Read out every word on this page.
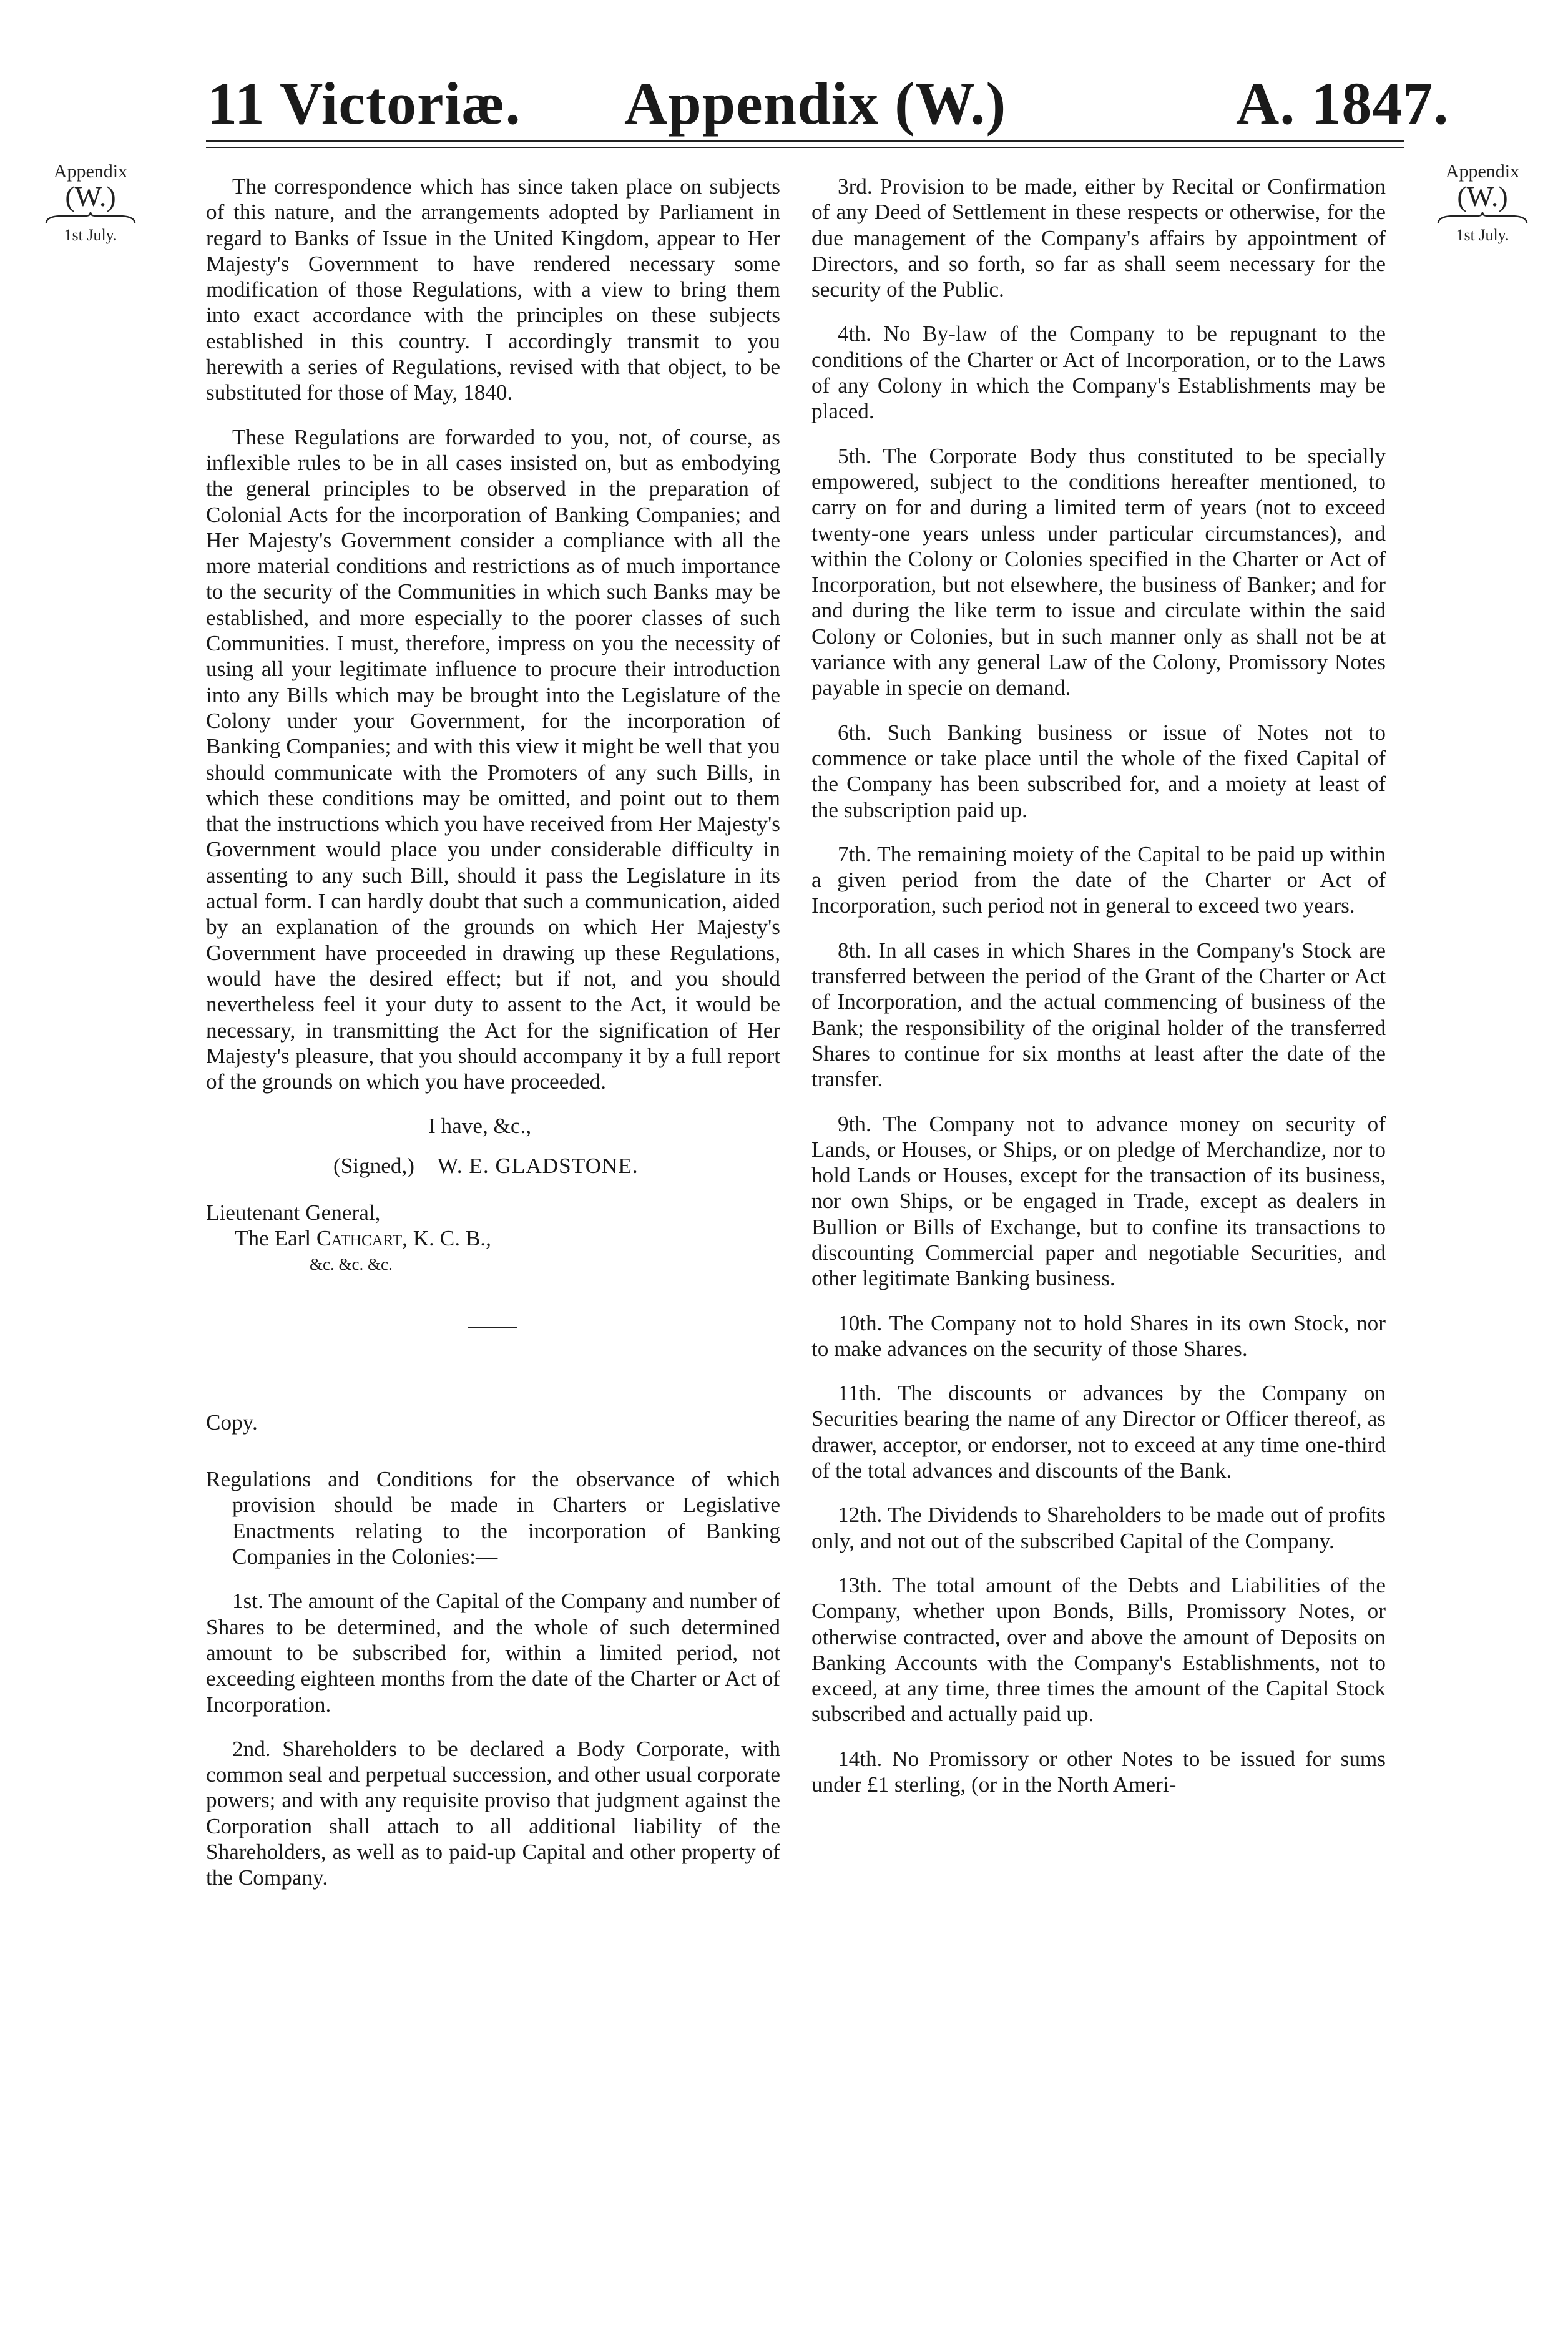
11 Victoriæ. Appendix (W.)	A. 1847.
Appendix
(W.)
1st July.
Appendix
(W.)
1st July.

The correspondence which has since taken place on subjects of this nature, and the arrangements adopted by Parliament in regard to Banks of Issue in the United Kingdom, appear to Her Majesty's Government to have rendered necessary some modification of those Regulations, with a view to bring them into exact accordance with the principles on these subjects established in this country. I accordingly transmit to you herewith a series of Regulations, revised with that object, to be substituted for those of May, 1840.

These Regulations are forwarded to you, not, of course, as inflexible rules to be in all cases insisted on, but as embodying the general principles to be observed in the preparation of Colonial Acts for the incorporation of Banking Companies; and Her Majesty's Government consider a compliance with all the more material conditions and restrictions as of much importance to the security of the Communities in which such Banks may be established, and more especially to the poorer classes of such Communities. I must, therefore, impress on you the necessity of using all your legitimate influence to procure their introduction into any Bills which may be brought into the Legislature of the Colony under your Government, for the incorporation of Banking Companies; and with this view it might be well that you should communicate with the Promoters of any such Bills, in which these conditions may be omitted, and point out to them that the instructions which you have received from Her Majesty's Government would place you under considerable difficulty in assenting to any such Bill, should it pass the Legislature in its actual form. I can hardly doubt that such a communication, aided by an explanation of the grounds on which Her Majesty's Government have proceeded in drawing up these Regulations, would have the desired effect; but if not, and you should nevertheless feel it your duty to assent to the Act, it would be necessary, in transmitting the Act for the signification of Her Majesty's pleasure, that you should accompany it by a full report of the grounds on which you have proceeded.

I have, &c.,
(Signed,) W. E. GLADSTONE.
Lieutenant General,
The Earl Cathcart, K. C. B.,
&c. &c. &c.
Copy.

Regulations and Conditions for the observance of which provision should be made in Charters or Legislative Enactments relating to the incorporation of Banking Companies in the Colonies:—

1st. The amount of the Capital of the Company and number of Shares to be determined, and the whole of such determined amount to be subscribed for, within a limited period, not exceeding eighteen months from the date of the Charter or Act of Incorporation.

2nd. Shareholders to be declared a Body Corporate, with common seal and perpetual succession, and other usual corporate powers; and with any requisite proviso that judgment against the Corporation shall attach to all additional liability of the Shareholders, as well as to paid-up Capital and other property of the Company.

3rd. Provision to be made, either by Recital or Confirmation of any Deed of Settlement in these respects or otherwise, for the due management of the Company's affairs by appointment of Directors, and so forth, so far as shall seem necessary for the security of the Public.

4th. No By-law of the Company to be repugnant to the conditions of the Charter or Act of Incorporation, or to the Laws of any Colony in which the Company's Establishments may be placed.

5th. The Corporate Body thus constituted to be specially empowered, subject to the conditions hereafter mentioned, to carry on for and during a limited term of years (not to exceed twenty-one years unless under particular circumstances), and within the Colony or Colonies specified in the Charter or Act of Incorporation, but not elsewhere, the business of Banker; and for and during the like term to issue and circulate within the said Colony or Colonies, but in such manner only as shall not be at variance with any general Law of the Colony, Promissory Notes payable in specie on demand.

6th. Such Banking business or issue of Notes not to commence or take place until the whole of the fixed Capital of the Company has been subscribed for, and a moiety at least of the subscription paid up.

7th. The remaining moiety of the Capital to be paid up within a given period from the date of the Charter or Act of Incorporation, such period not in general to exceed two years.

8th. In all cases in which Shares in the Company's Stock are transferred between the period of the Grant of the Charter or Act of Incorporation, and the actual commencing of business of the Bank; the responsibility of the original holder of the transferred Shares to continue for six months at least after the date of the transfer.

9th. The Company not to advance money on security of Lands, or Houses, or Ships, or on pledge of Merchandize, nor to hold Lands or Houses, except for the transaction of its business, nor own Ships, or be engaged in Trade, except as dealers in Bullion or Bills of Exchange, but to confine its transactions to discounting Commercial paper and negotiable Securities, and other legitimate Banking business.

10th. The Company not to hold Shares in its own Stock, nor to make advances on the security of those Shares.

11th. The discounts or advances by the Company on Securities bearing the name of any Director or Officer thereof, as drawer, acceptor, or endorser, not to exceed at any time one-third of the total advances and discounts of the Bank.

12th. The Dividends to Shareholders to be made out of profits only, and not out of the subscribed Capital of the Company.

13th. The total amount of the Debts and Liabilities of the Company, whether upon Bonds, Bills, Promissory Notes, or otherwise contracted, over and above the amount of Deposits on Banking Accounts with the Company's Establishments, not to exceed, at any time, three times the amount of the Capital Stock subscribed and actually paid up.

14th. No Promissory or other Notes to be issued for sums under £1 sterling, (or in the North Ameri-
